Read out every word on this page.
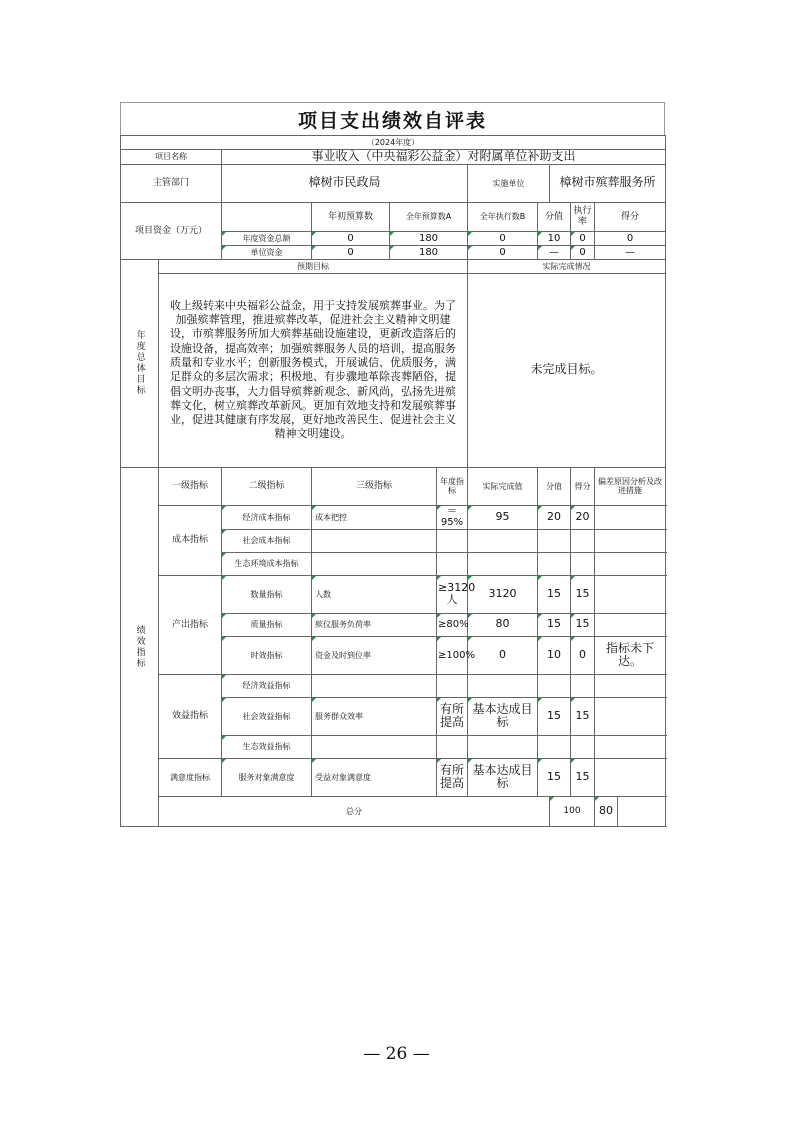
项目支出绩效自评表
（2024年度）											
项目名称		事业收入（中央福彩公益金）对附属单位补助支出									
主管部门		樟树市民政局				实施单位		樟树市殡葬服务所			
项目资金（万元）			年初预算数	全年预算数A		全年执行数B	分值		执行率	得分	
		年度资金总额	0	180		0	10		0	0	
		单位资金	0	180		0	—		0	—	

年度总体目标	预期目标					实际完成情况					
	收上级转来中央福彩公益金，用于支持发展殡葬事业。为了加强殡葬管理，推进殡葬改革，促进社会主义精神文明建设，市殡葬服务所加大殡葬基础设施建设，更新改造落后的设施设备，提高效率；加强殡葬服务人员的培训，提高服务质量和专业水平；创新服务模式，开展诚信、优质服务，满足群众的多层次需求；积极地、有步骤地革除丧葬陋俗，提倡文明办丧事，大力倡导殡葬新观念、新风尚，弘扬先进殡葬文化，树立殡葬改革新风。更加有效地支持和发展殡葬事业，促进其健康有序发展，更好地改善民生、促进社会主义精神文明建设。					未完成目标。					

绩效指标	一级指标	二级指标	三级指标		年度指标	实际完成值	分值		得分	偏差原因分析及改进措施	
	成本指标	经济成本指标	成本把控		＝95%	95	20		20		
		社会成本指标									
		生态环境成本指标									
	产出指标	数量指标	人数		≥3120人	3120	15		15		
		质量指标	殡仪服务负荷率		≥80%	80	15		15		
		时效指标	资金及时到位率		≥100%	0	10		0	指标未下达。	
	效益指标	经济效益指标									
		社会效益指标	服务群众效率		有所提高	基本达成目标	15		15		
		生态效益指标									
	满意度指标	服务对象满意度	受益对象满意度		有所提高	基本达成目标	15		15		
	总分							100		80	
— 26 —
